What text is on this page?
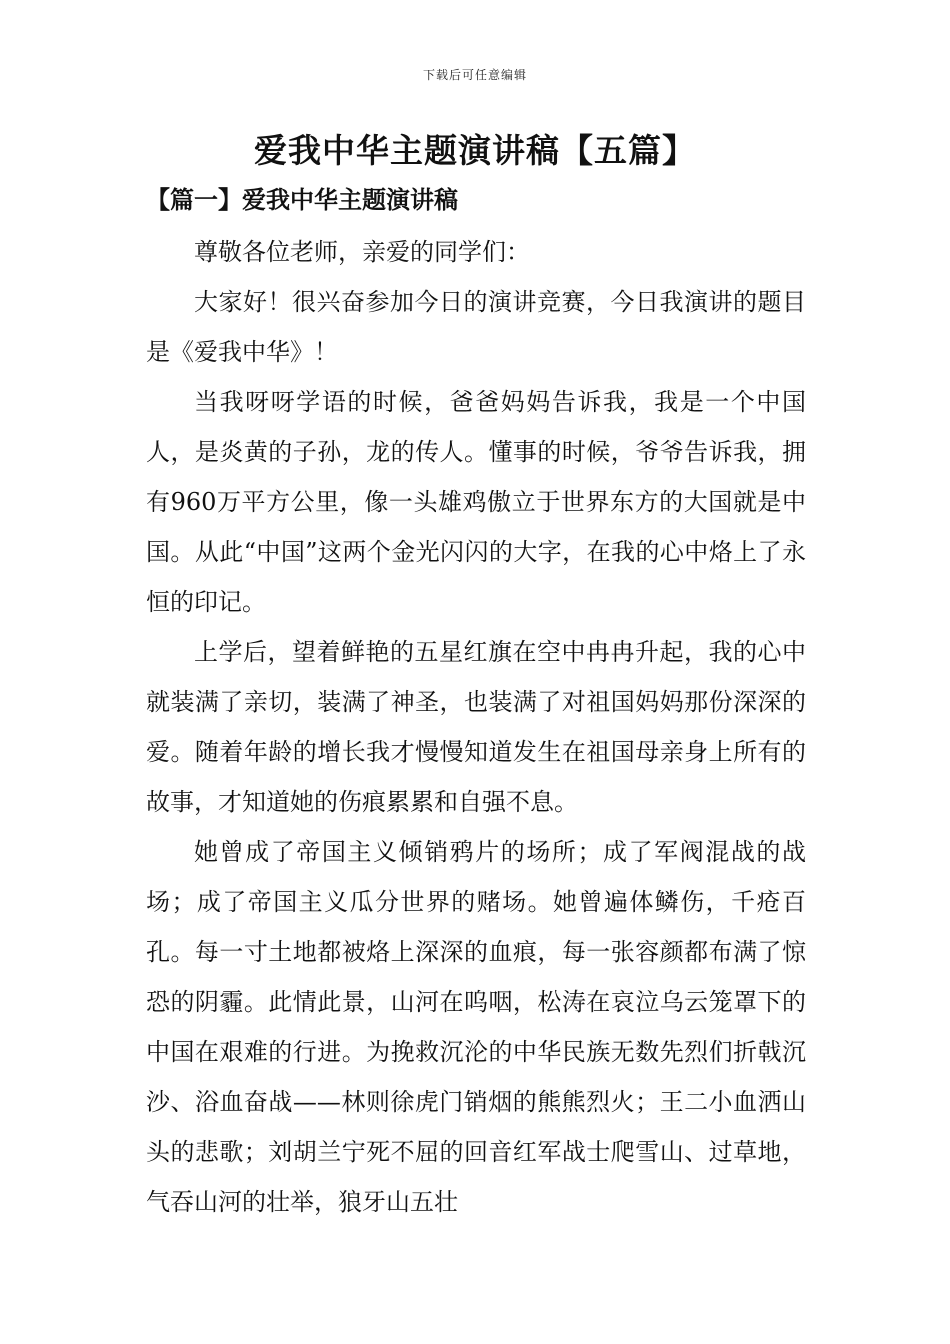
下载后可任意编辑
爱我中华主题演讲稿【五篇】
【篇一】爱我中华主题演讲稿

尊敬各位老师，亲爱的同学们：

大家好！很兴奋参加今日的演讲竞赛，今日我演讲的题目是《爱我中华》！

当我呀呀学语的时候，爸爸妈妈告诉我，我是一个中国人，是炎黄的子孙，龙的传人。懂事的时候，爷爷告诉我，拥有960万平方公里，像一头雄鸡傲立于世界东方的大国就是中国。从此“中国”这两个金光闪闪的大字，在我的心中烙上了永恒的印记。

上学后，望着鲜艳的五星红旗在空中冉冉升起，我的心中就装满了亲切，装满了神圣，也装满了对祖国妈妈那份深深的爱。随着年龄的增长我才慢慢知道发生在祖国母亲身上所有的故事，才知道她的伤痕累累和自强不息。

她曾成了帝国主义倾销鸦片的场所；成了军阀混战的战场；成了帝国主义瓜分世界的赌场。她曾遍体鳞伤，千疮百孔。每一寸土地都被烙上深深的血痕，每一张容颜都布满了惊恐的阴霾。此情此景，山河在呜咽，松涛在哀泣乌云笼罩下的中国在艰难的行进。为挽救沉沦的中华民族无数先烈们折戟沉沙、浴血奋战——林则徐虎门销烟的熊熊烈火；王二小血洒山头的悲歌；刘胡兰宁死不屈的回音红军战士爬雪山、过草地，气吞山河的壮举，狼牙山五壮
